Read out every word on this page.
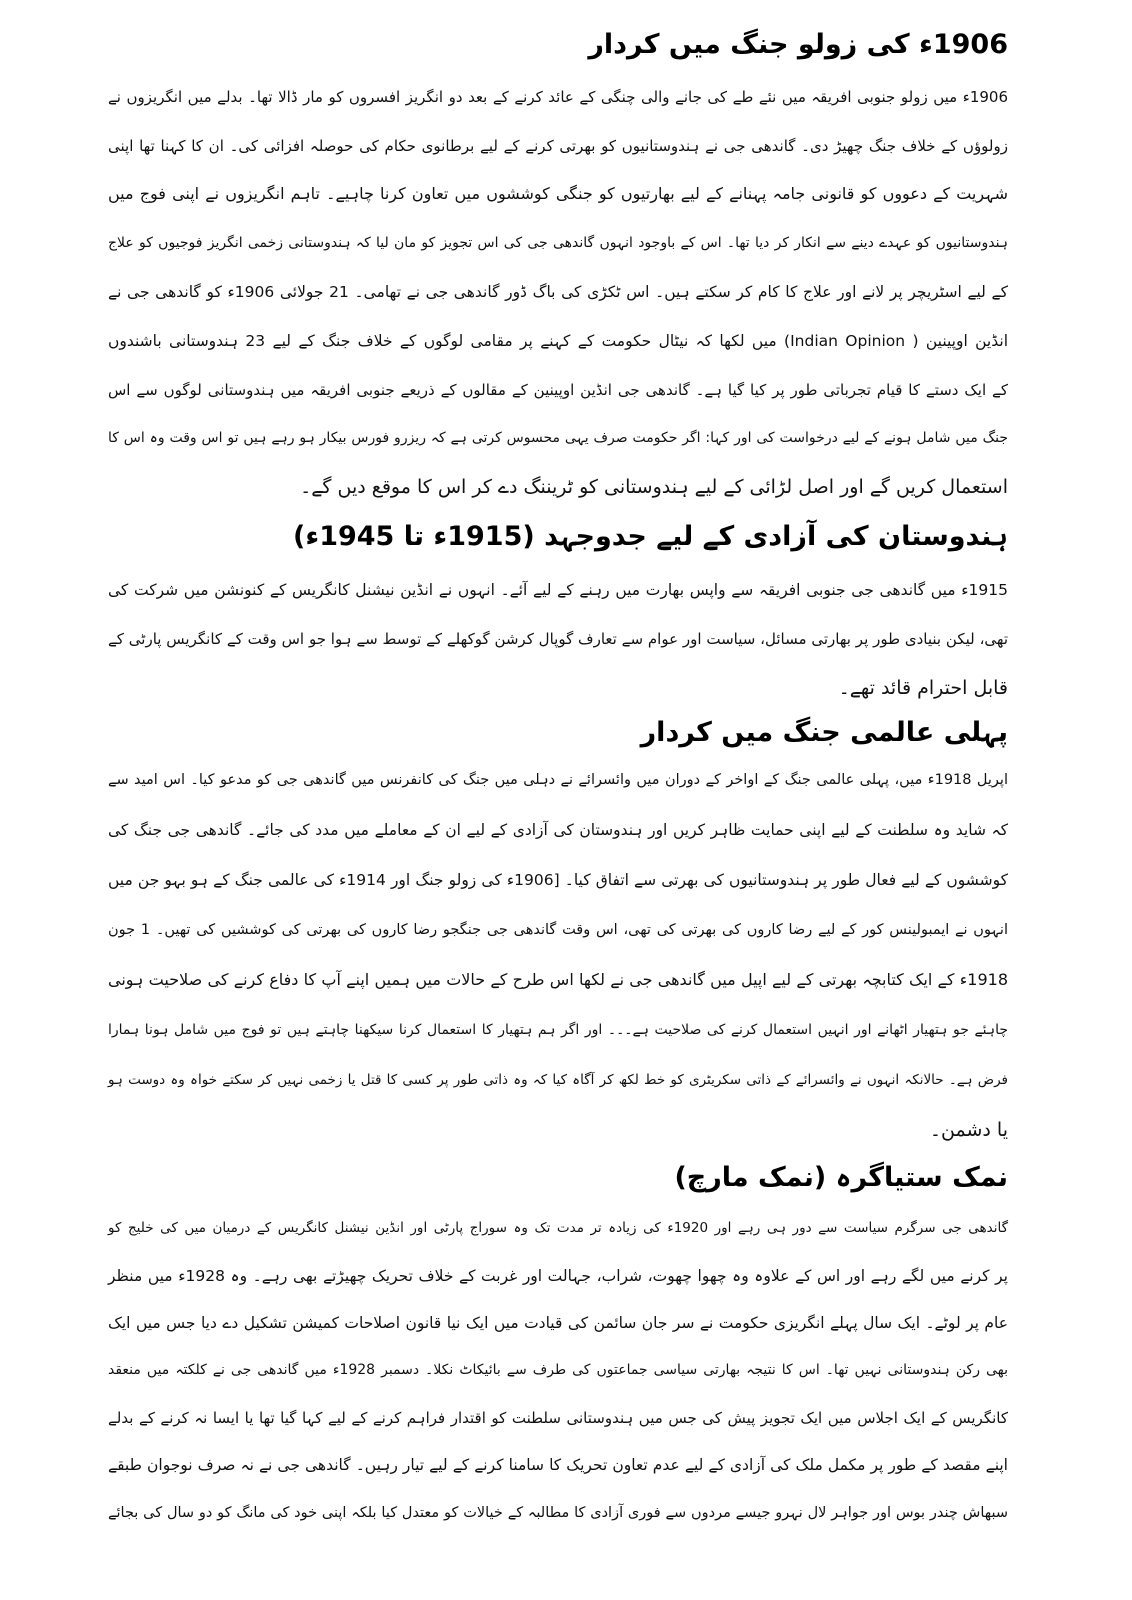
1906ء کی زولو جنگ میں کردار
1906ء میں زولو جنوبی افریقہ میں نئے طے کی جانے والی چنگی کے عائد کرنے کے بعد دو انگریز افسروں کو مار ڈالا تھا۔ بدلے میں انگریزوں نے
زولوؤں کے خلاف جنگ چھیڑ دی۔ گاندھی جی نے ہندوستانیوں کو بھرتی کرنے کے لیے برطانوی حکام کی حوصلہ افزائی کی۔ ان کا کہنا تھا اپنی
شہریت کے دعووں کو قانونی جامہ پہنانے کے لیے بھارتیوں کو جنگی کوششوں میں تعاون کرنا چاہیے۔ تاہم انگریزوں نے اپنی فوج میں
ہندوستانیوں کو عہدے دینے سے انکار کر دیا تھا۔ اس کے باوجود انہوں گاندھی جی کی اس تجویز کو مان لیا کہ ہندوستانی زخمی انگریز فوجیوں کو علاج
کے لیے اسٹریچر پر لانے اور علاج کا کام کر سکتے ہیں۔ اس ٹکڑی کی باگ ڈور گاندھی جی نے تھامی۔ 21 جولائی 1906ء کو گاندھی جی نے
انڈین اوپینین ( Indian Opinion) میں لکھا کہ نیٹال حکومت کے کہنے پر مقامی لوگوں کے خلاف جنگ کے لیے 23 ہندوستانی باشندوں
کے ایک دستے کا قیام تجرباتی طور پر کیا گیا ہے۔ گاندھی جی انڈین اوپینین کے مقالوں کے ذریعے جنوبی افریقہ میں ہندوستانی لوگوں سے اس
جنگ میں شامل ہونے کے لیے درخواست کی اور کہا: اگر حکومت صرف یہی محسوس کرتی ہے کہ ریزرو فورس بیکار ہو رہے ہیں تو اس وقت وہ اس کا
استعمال کریں گے اور اصل لڑائی کے لیے ہندوستانی کو ٹریننگ دے کر اس کا موقع دیں گے۔
ہندوستان کی آزادی کے لیے جدوجہد (1915ء تا 1945ء)
1915ء میں گاندھی جی جنوبی افریقہ سے واپس بھارت میں رہنے کے لیے آئے۔ انہوں نے انڈین نیشنل کانگریس کے کنونشن میں شرکت کی
تھی، لیکن بنیادی طور پر بھارتی مسائل، سیاست اور عوام سے تعارف گوپال کرشن گوکھلے کے توسط سے ہوا جو اس وقت کے کانگریس پارٹی کے
قابل احترام قائد تھے۔
پہلی عالمی جنگ میں کردار
اپریل 1918ء میں، پہلی عالمی جنگ کے اواخر کے دوران میں وائسرائے نے دہلی میں جنگ کی کانفرنس میں گاندھی جی کو مدعو کیا۔ اس امید سے
کہ شاید وہ سلطنت کے لیے اپنی حمایت ظاہر کریں اور ہندوستان کی آزادی کے لیے ان کے معاملے میں مدد کی جائے۔ گاندھی جی جنگ کی
کوششوں کے لیے فعال طور پر ہندوستانیوں کی بھرتی سے اتفاق کیا۔ [1906ء کی زولو جنگ اور 1914ء کی عالمی جنگ کے ہو بہو جن میں
انہوں نے ایمبولینس کور کے لیے رضا کاروں کی بھرتی کی تھی، اس وقت گاندھی جی جنگجو رضا کاروں کی بھرتی کی کوششیں کی تھیں۔ 1 جون
1918ء کے ایک کتابچہ بھرتی کے لیے اپیل میں گاندھی جی نے لکھا اس طرح کے حالات میں ہمیں اپنے آپ کا دفاع کرنے کی صلاحیت ہونی
چاہئے جو ہتھیار اٹھانے اور انہیں استعمال کرنے کی صلاحیت ہے۔۔۔ اور اگر ہم ہتھیار کا استعمال کرنا سیکھنا چاہتے ہیں تو فوج میں شامل ہونا ہمارا
فرض ہے۔ حالانکہ انہوں نے وائسرائے کے ذاتی سکریٹری کو خط لکھ کر آگاہ کیا کہ وہ ذاتی طور پر کسی کا قتل یا زخمی نہیں کر سکتے خواہ وہ دوست ہو
یا دشمن۔
نمک ستیاگرہ (نمک مارچ)
گاندھی جی سرگرم سیاست سے دور ہی رہے اور 1920ء کی زیادہ تر مدت تک وہ سوراج پارٹی اور انڈین نیشنل کانگریس کے درمیان میں کی خلیج کو
پر کرنے میں لگے رہے اور اس کے علاوہ وہ چھوا چھوت، شراب، جہالت اور غربت کے خلاف تحریک چھیڑتے بھی رہے۔ وہ 1928ء میں منظر
عام پر لوٹے۔ ایک سال پہلے انگریزی حکومت نے سر جان سائمن کی قیادت میں ایک نیا قانون اصلاحات کمیشن تشکیل دے دیا جس میں ایک
بھی رکن ہندوستانی نہیں تھا۔ اس کا نتیجہ بھارتی سیاسی جماعتوں کی طرف سے بائیکاٹ نکلا۔ دسمبر 1928ء میں گاندھی جی نے کلکتہ میں منعقد
کانگریس کے ایک اجلاس میں ایک تجویز پیش کی جس میں ہندوستانی سلطنت کو اقتدار فراہم کرنے کے لیے کہا گیا تھا یا ایسا نہ کرنے کے بدلے
اپنے مقصد کے طور پر مکمل ملک کی آزادی کے لیے عدم تعاون تحریک کا سامنا کرنے کے لیے تیار رہیں۔ گاندھی جی نے نہ صرف نوجوان طبقے
سبھاش چندر بوس اور جواہر لال نہرو جیسے مردوں سے فوری آزادی کا مطالبہ کے خیالات کو معتدل کیا بلکہ اپنی خود کی مانگ کو دو سال کی بجائے
